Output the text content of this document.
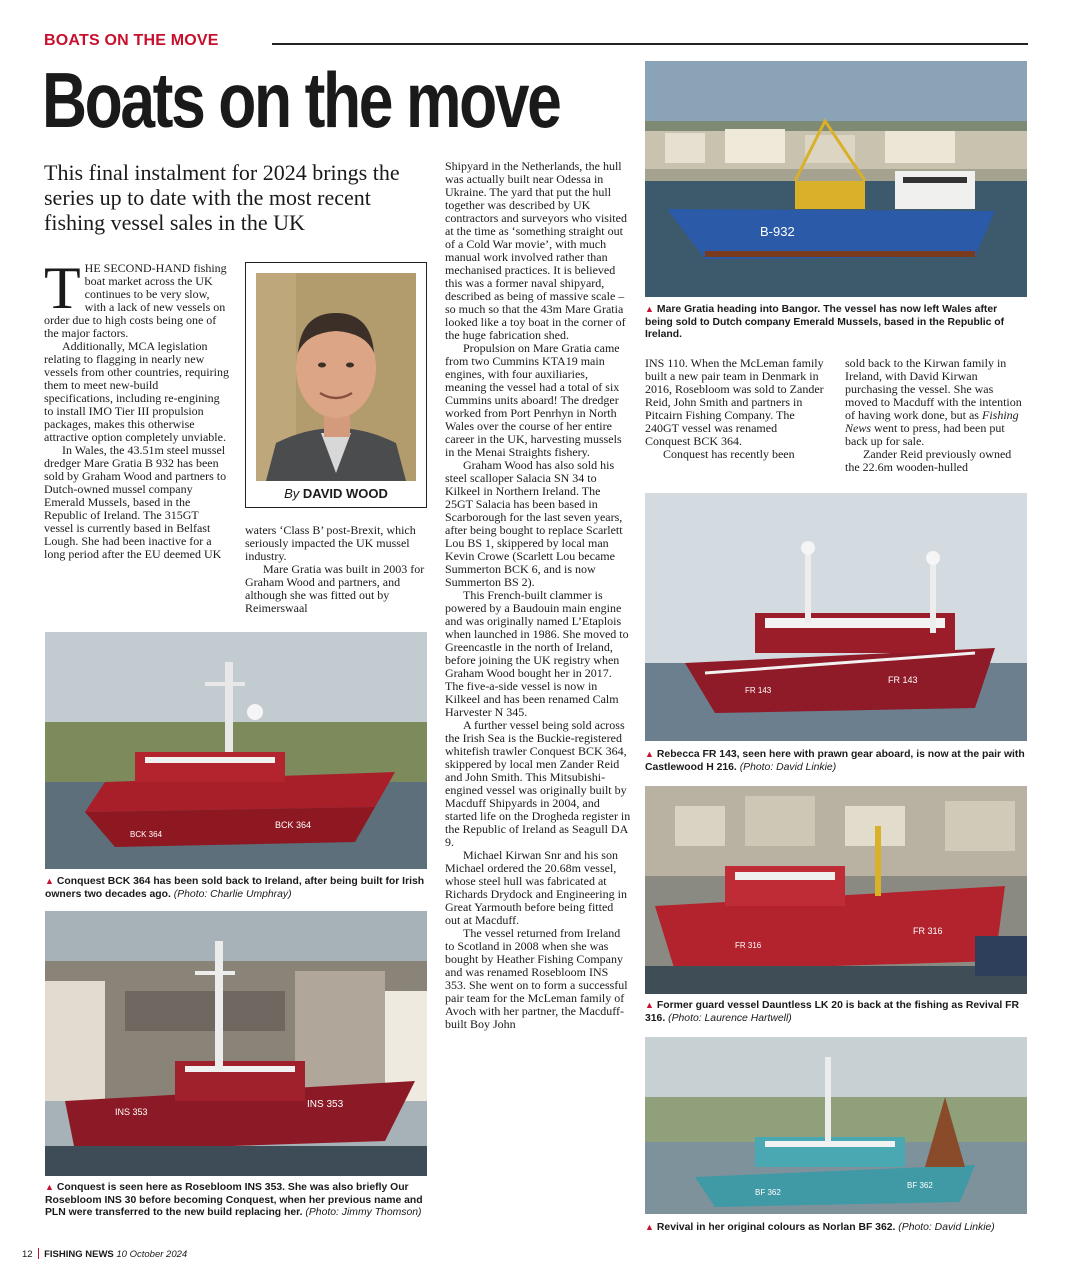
BOATS ON THE MOVE
Boats on the move
This final instalment for 2024 brings the series up to date with the most recent fishing vessel sales in the UK
T HE SECOND-HAND fishing boat market across the UK continues to be very slow, with a lack of new vessels on order due to high costs being one of the major factors.

Additionally, MCA legislation relating to flagging in nearly new vessels from other countries, requiring them to meet new-build specifications, including re-engining to install IMO Tier III propulsion packages, makes this otherwise attractive option completely unviable.

In Wales, the 43.51m steel mussel dredger Mare Gratia B 932 has been sold by Graham Wood and partners to Dutch-owned mussel company Emerald Mussels, based in the Republic of Ireland. The 315GT vessel is currently based in Belfast Lough. She had been inactive for a long period after the EU deemed UK

By DAVID WOOD

waters ‘Class B’ post-Brexit, which seriously impacted the UK mussel industry.

Mare Gratia was built in 2003 for Graham Wood and partners, and although she was fitted out by Reimerswaal

Shipyard in the Netherlands, the hull was actually built near Odessa in Ukraine. The yard that put the hull together was described by UK contractors and surveyors who visited at the time as ‘something straight out of a Cold War movie’, with much manual work involved rather than mechanised practices. It is believed this was a former naval shipyard, described as being of massive scale – so much so that the 43m Mare Gratia looked like a toy boat in the corner of the huge fabrication shed.

Propulsion on Mare Gratia came from two Cummins KTA19 main engines, with four auxiliaries, meaning the vessel had a total of six Cummins units aboard! The dredger worked from Port Penrhyn in North Wales over the course of her entire career in the UK, harvesting mussels in the Menai Straights fishery.

Graham Wood has also sold his steel scalloper Salacia SN 34 to Kilkeel in Northern Ireland. The 25GT Salacia has been based in Scarborough for the last seven years, after being bought to replace Scarlett Lou BS 1, skippered by local man Kevin Crowe (Scarlett Lou became Summerton BCK 6, and is now Summerton BS 2).

This French-built clammer is powered by a Baudouin main engine and was originally named L’Etaplois when launched in 1986. She moved to Greencastle in the north of Ireland, before joining the UK registry when Graham Wood bought her in 2017. The five-a-side vessel is now in Kilkeel and has been renamed Calm Harvester N 345.

A further vessel being sold across the Irish Sea is the Buckie-registered whitefish trawler Conquest BCK 364, skippered by local men Zander Reid and John Smith. This Mitsubishi-engined vessel was originally built by Macduff Shipyards in 2004, and started life on the Drogheda register in the Republic of Ireland as Seagull DA 9.

Michael Kirwan Snr and his son Michael ordered the 20.68m vessel, whose steel hull was fabricated at Richards Drydock and Engineering in Great Yarmouth before being fitted out at Macduff.

The vessel returned from Ireland to Scotland in 2008 when she was bought by Heather Fishing Company and was renamed Rosebloom INS 353. She went on to form a successful pair team for the McLeman family of Avoch with her partner, the Macduff-built Boy John

INS 110. When the McLeman family built a new pair team in Denmark in 2016, Rosebloom was sold to Zander Reid, John Smith and partners in Pitcairn Fishing Company. The 240GT vessel was renamed Conquest BCK 364.

Conquest has recently been

sold back to the Kirwan family in Ireland, with David Kirwan purchasing the vessel. She was moved to Macduff with the intention of having work done, but as Fishing News went to press, had been put back up for sale.

Zander Reid previously owned the 22.6m wooden-hulled

B-932
▲ Mare Gratia heading into Bangor. The vessel has now left Wales after being sold to Dutch company Emerald Mussels, based in the Republic of Ireland.
BCK 364
BCK 364
▲ Conquest BCK 364 has been sold back to Ireland, after being built for Irish owners two decades ago. (Photo: Charlie Umphray)
INS 353
INS 353
▲ Conquest is seen here as Rosebloom INS 353. She was also briefly Our Rosebloom INS 30 before becoming Conquest, when her previous name and PLN were transferred to the new build replacing her. (Photo: Jimmy Thomson)
FR 143
FR 143
▲ Rebecca FR 143, seen here with prawn gear aboard, is now at the pair with Castlewood H 216. (Photo: David Linkie)
FR 316
FR 316
▲ Former guard vessel Dauntless LK 20 is back at the fishing as Revival FR 316. (Photo: Laurence Hartwell)
BF 362
BF 362
▲ Revival in her original colours as Norlan BF 362. (Photo: David Linkie)
12 FISHING NEWS 10 October 2024
